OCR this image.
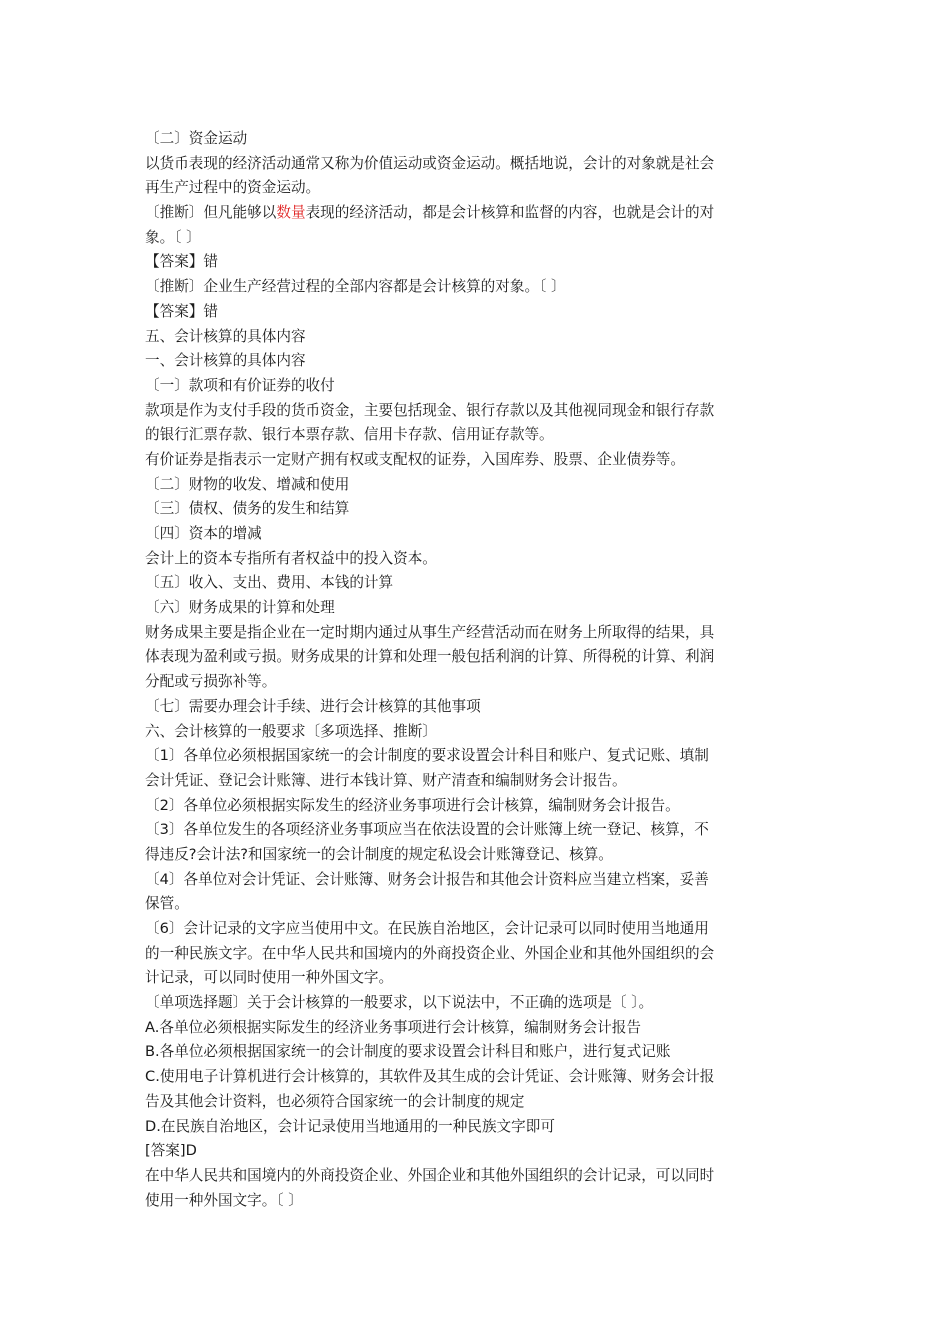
〔二〕资金运动
以货币表现的经济活动通常又称为价值运动或资金运动。概括地说，会计的对象就是社会
再生产过程中的资金运动。
〔推断〕但凡能够以数量表现的经济活动，都是会计核算和监督的内容，也就是会计的对
象。〔 〕
【答案】错
〔推断〕企业生产经营过程的全部内容都是会计核算的对象。〔 〕
【答案】错
五、会计核算的具体内容
一、会计核算的具体内容
〔一〕款项和有价证券的收付
款项是作为支付手段的货币资金，主要包括现金、银行存款以及其他视同现金和银行存款
的银行汇票存款、银行本票存款、信用卡存款、信用证存款等。
有价证券是指表示一定财产拥有权或支配权的证券，入国库券、股票、企业债券等。
〔二〕财物的收发、增减和使用
〔三〕债权、债务的发生和结算
〔四〕资本的增减
会计上的资本专指所有者权益中的投入资本。
〔五〕收入、支出、费用、本钱的计算
〔六〕财务成果的计算和处理
财务成果主要是指企业在一定时期内通过从事生产经营活动而在财务上所取得的结果，具
体表现为盈利或亏损。财务成果的计算和处理一般包括利润的计算、所得税的计算、利润
分配或亏损弥补等。
〔七〕需要办理会计手续、进行会计核算的其他事项
六、会计核算的一般要求〔多项选择、推断〕
〔1〕各单位必须根据国家统一的会计制度的要求设置会计科目和账户、复式记账、填制
会计凭证、登记会计账簿、进行本钱计算、财产清查和编制财务会计报告。
〔2〕各单位必须根据实际发生的经济业务事项进行会计核算，编制财务会计报告。
〔3〕各单位发生的各项经济业务事项应当在依法设置的会计账簿上统一登记、核算，不
得违反?会计法?和国家统一的会计制度的规定私设会计账簿登记、核算。
〔4〕各单位对会计凭证、会计账簿、财务会计报告和其他会计资料应当建立档案，妥善
保管。
〔6〕会计记录的文字应当使用中文。在民族自治地区，会计记录可以同时使用当地通用
的一种民族文字。在中华人民共和国境内的外商投资企业、外国企业和其他外国组织的会
计记录，可以同时使用一种外国文字。
〔单项选择题〕关于会计核算的一般要求，以下说法中，不正确的选项是〔 〕。
A.各单位必须根据实际发生的经济业务事项进行会计核算，编制财务会计报告
B.各单位必须根据国家统一的会计制度的要求设置会计科目和账户，进行复式记账
C.使用电子计算机进行会计核算的，其软件及其生成的会计凭证、会计账簿、财务会计报
告及其他会计资料，也必须符合国家统一的会计制度的规定
D.在民族自治地区，会计记录使用当地通用的一种民族文字即可
[答案]D
在中华人民共和国境内的外商投资企业、外国企业和其他外国组织的会计记录，可以同时
使用一种外国文字。〔 〕
